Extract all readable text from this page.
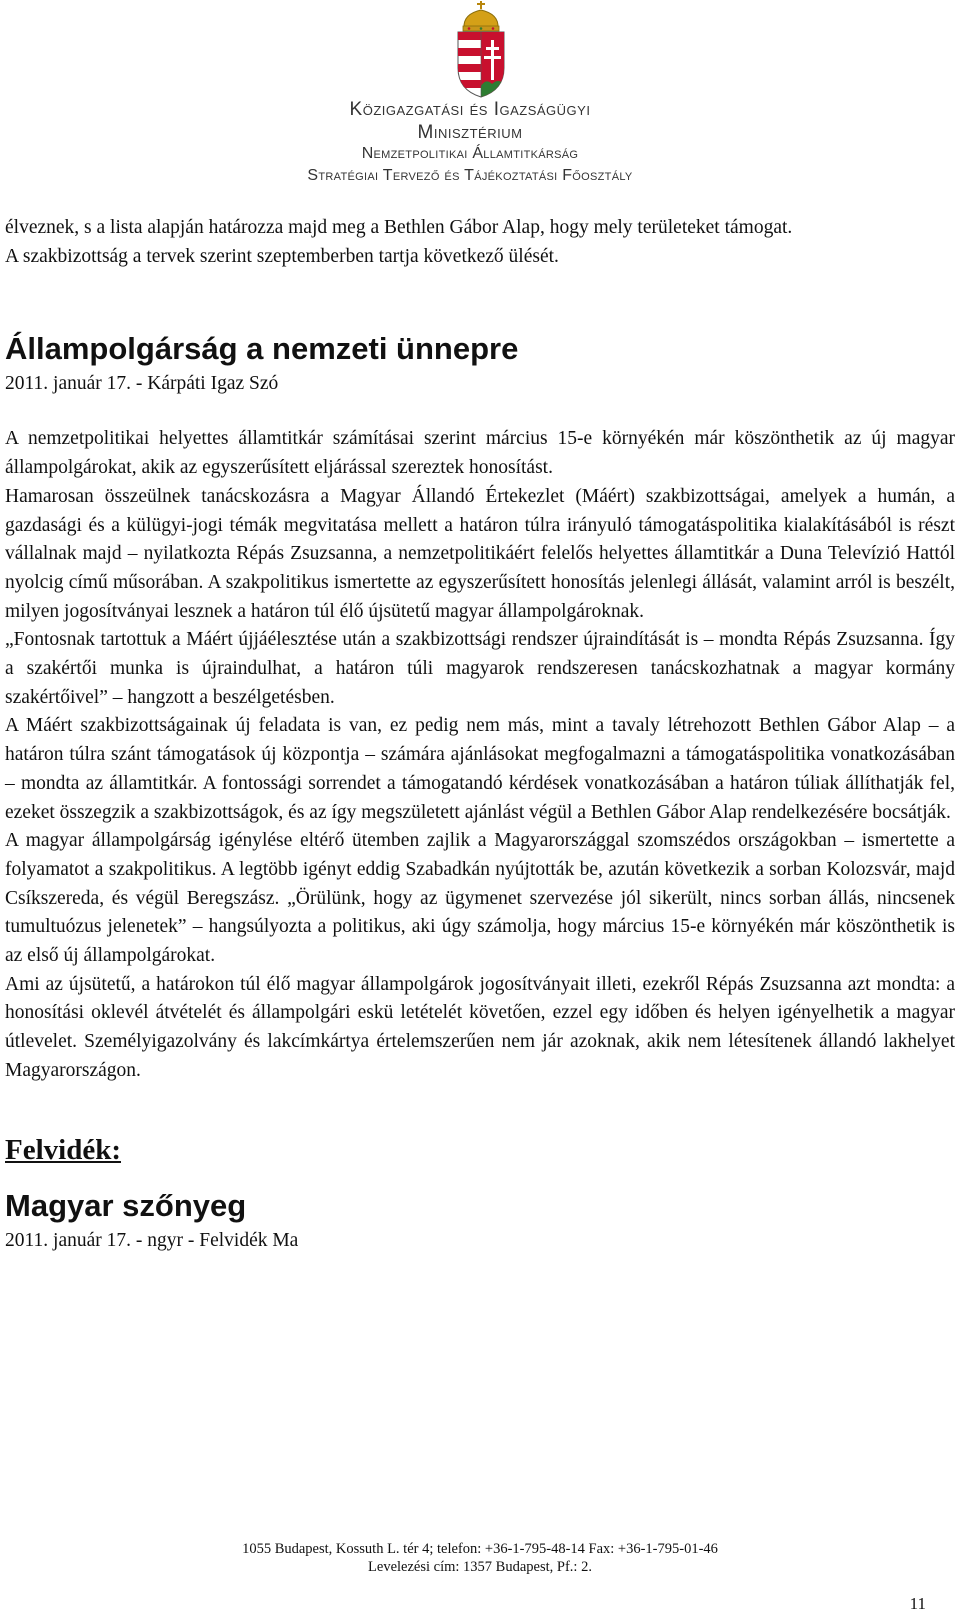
Közigazgatási és Igazságügyi
Minisztérium
Nemzetpolitikai Államtitkárság
Stratégiai Tervező és Tájékoztatási Főosztály

élveznek, s a lista alapján határozza majd meg a Bethlen Gábor Alap, hogy mely területeket támogat.

A szakbizottság a tervek szerint szeptemberben tartja következő ülését.

Állampolgárság a nemzeti ünnepre

2011. január 17. - Kárpáti Igaz Szó

A nemzetpolitikai helyettes államtitkár számításai szerint március 15-e környékén már köszönthetik az új magyar állampolgárokat, akik az egyszerűsített eljárással szereztek honosítást.

Hamarosan összeülnek tanácskozásra a Magyar Állandó Értekezlet (Máért) szakbizottságai, amelyek a humán, a gazdasági és a külügyi-jogi témák megvitatása mellett a határon túlra irányuló támogatáspolitika kialakításából is részt vállalnak majd – nyilatkozta Répás Zsuzsanna, a nemzetpolitikáért felelős helyettes államtitkár a Duna Televízió Hattól nyolcig című műsorában. A szakpolitikus ismertette az egyszerűsített honosítás jelenlegi állását, valamint arról is beszélt, milyen jogosítványai lesznek a határon túl élő újsütetű magyar állampolgároknak.

„Fontosnak tartottuk a Máért újjáélesztése után a szakbizottsági rendszer újraindítását is – mondta Répás Zsuzsanna. Így a szakértői munka is újraindulhat, a határon túli magyarok rendszeresen tanácskozhatnak a magyar kormány szakértőivel” – hangzott a beszélgetésben.

A Máért szakbizottságainak új feladata is van, ez pedig nem más, mint a tavaly létrehozott Bethlen Gábor Alap – a határon túlra szánt támogatások új központja – számára ajánlásokat megfogalmazni a támogatáspolitika vonatkozásában – mondta az államtitkár. A fontossági sorrendet a támogatandó kérdések vonatkozásában a határon túliak állíthatják fel, ezeket összegzik a szakbizottságok, és az így megszületett ajánlást végül a Bethlen Gábor Alap rendelkezésére bocsátják.

A magyar állampolgárság igénylése eltérő ütemben zajlik a Magyarországgal szomszédos országokban – ismertette a folyamatot a szakpolitikus. A legtöbb igényt eddig Szabadkán nyújtották be, azután következik a sorban Kolozsvár, majd Csíkszereda, és végül Beregszász. „Örülünk, hogy az ügymenet szervezése jól sikerült, nincs sorban állás, nincsenek tumultuózus jelenetek” – hangsúlyozta a politikus, aki úgy számolja, hogy március 15-e környékén már köszönthetik is az első új állampolgárokat.

Ami az újsütetű, a határokon túl élő magyar állampolgárok jogosítványait illeti, ezekről Répás Zsuzsanna azt mondta: a honosítási oklevél átvételét és állampolgári eskü letételét követően, ezzel egy időben és helyen igényelhetik a magyar útlevelet. Személyigazolvány és lakcímkártya értelemszerűen nem jár azoknak, akik nem létesítenek állandó lakhelyet Magyarországon.

Felvidék:
Magyar szőnyeg

2011. január 17. - ngyr - Felvidék Ma

1055 Budapest, Kossuth L. tér 4; telefon: +36-1-795-48-14 Fax: +36-1-795-01-46
Levelezési cím: 1357 Budapest, Pf.: 2.
11
